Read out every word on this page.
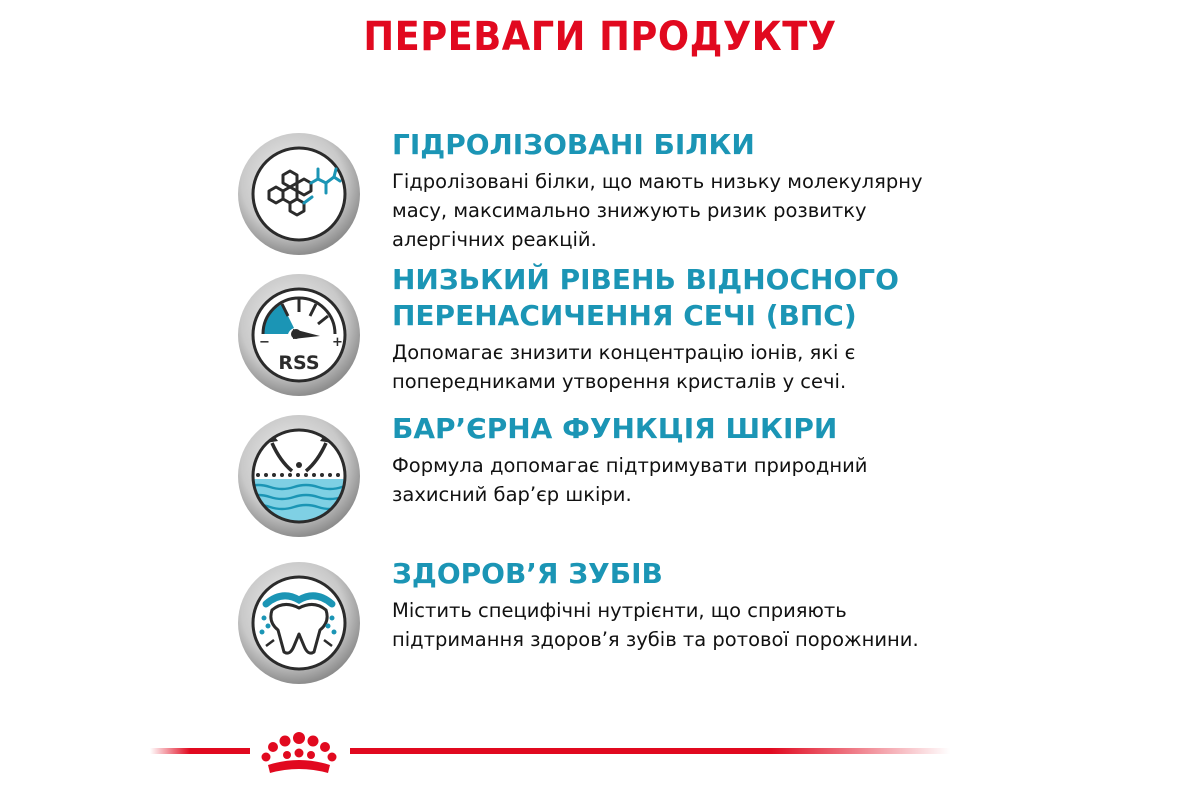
ПЕРЕВАГИ ПРОДУКТУ
−	+
RSS
ГІДРОЛІЗОВАНІ БІЛКИ
Гідролізовані білки, що мають низьку молекулярну
масу, максимально знижують ризик розвитку
алергічних реакцій.
НИЗЬКИЙ РІВЕНЬ ВІДНОСНОГО
ПЕРЕНАСИЧЕННЯ СЕЧІ (ВПС)
Допомагає знизити концентрацію іонів, які є
попередниками утворення кристалів у сечі.
БАР’ЄРНА ФУНКЦІЯ ШКІРИ
Формула допомагає підтримувати природний
захисний бар’єр шкіри.
ЗДОРОВ’Я ЗУБІВ
Містить специфічні нутрієнти, що сприяють
підтримання здоров’я зубів та ротової порожнини.
